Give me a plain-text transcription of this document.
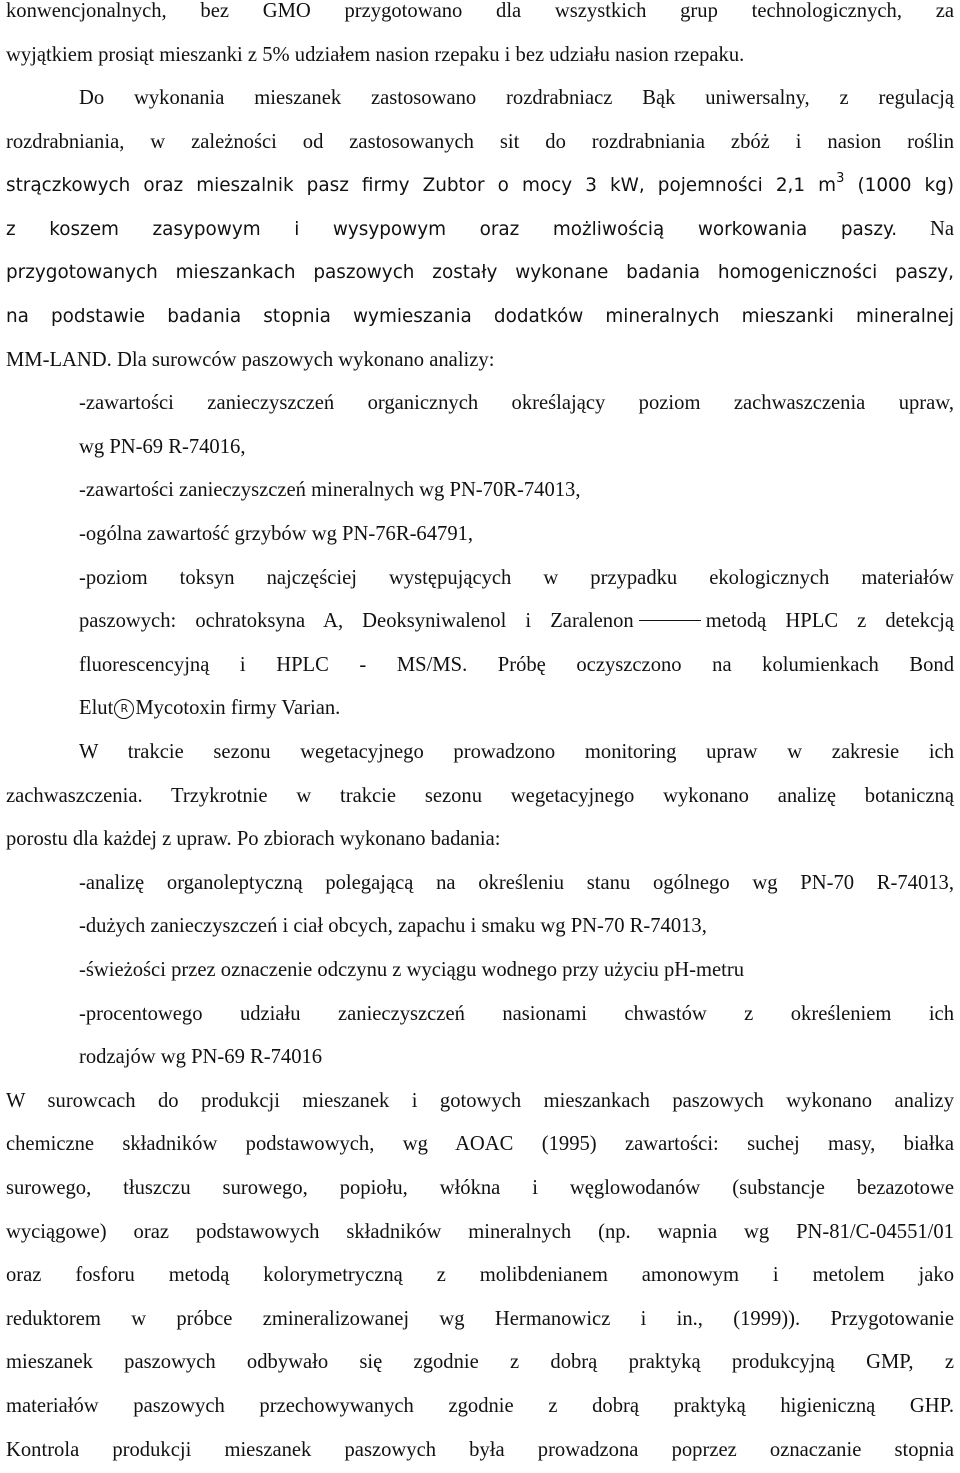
konwencjonalnych, bez GMO przygotowano dla wszystkich grup technologicznych, za
wyjątkiem prosiąt mieszanki z 5% udziałem nasion rzepaku i bez udziału nasion rzepaku.
Do wykonania mieszanek zastosowano rozdrabniacz Bąk uniwersalny, z regulacją
rozdrabniania, w zależności od zastosowanych sit do rozdrabniania zbóż i nasion roślin
strączkowych oraz mieszalnik pasz firmy Zubtor o mocy 3 kW, pojemności 2,1 $m^3$ (1000 kg)
z koszem zasypowym i wysypowym oraz możliwością workowania paszy. Na
przygotowanych mieszankach paszowych zostały wykonane badania homogeniczności paszy,
na podstawie badania stopnia wymieszania dodatków mineralnych mieszanki mineralnej
MM-LAND. Dla surowców paszowych wykonano analizy:
-zawartości zanieczyszczeń organicznych określający poziom zachwaszczenia upraw,
wg PN-69 R-74016,
-zawartości zanieczyszczeń mineralnych wg PN-70R-74013,
-ogólna zawartość grzybów wg PN-76R-64791,
-poziom toksyn najczęściej występujących w przypadku ekologicznych materiałów
paszowych: ochratoksyna A, Deoksyniwalenol i Zaralenon	metodą HPLC z detekcją
fluorescencyjną i HPLC - MS/MS. Próbę oczyszczono na kolumienkach Bond
Elut R Mycotoxin firmy Varian.
W trakcie sezonu wegetacyjnego prowadzono monitoring upraw w zakresie ich
zachwaszczenia. Trzykrotnie w trakcie sezonu wegetacyjnego wykonano analizę botaniczną
porostu dla każdej z upraw. Po zbiorach wykonano badania:
-analizę organoleptyczną polegającą na określeniu stanu ogólnego wg PN-70 R-74013,
-dużych zanieczyszczeń i ciał obcych, zapachu i smaku wg PN-70 R-74013,
-świeżości przez oznaczenie odczynu z wyciągu wodnego przy użyciu pH-metru
-procentowego udziału zanieczyszczeń nasionami chwastów z określeniem ich
rodzajów wg PN-69 R-74016
W surowcach do produkcji mieszanek i gotowych mieszankach paszowych wykonano analizy
chemiczne składników podstawowych, wg AOAC (1995) zawartości: suchej masy, białka
surowego, tłuszczu surowego, popiołu, włókna i węglowodanów (substancje bezazotowe
wyciągowe) oraz podstawowych składników mineralnych (np. wapnia wg PN-81/C-04551/01
oraz fosforu metodą kolorymetryczną z molibdenianem amonowym i metolem jako
reduktorem w próbce zmineralizowanej wg Hermanowicz i in., (1999)). Przygotowanie
mieszanek paszowych odbywało się zgodnie z dobrą praktyką produkcyjną GMP, z
materiałów paszowych przechowywanych zgodnie z dobrą praktyką higieniczną GHP.
Kontrola produkcji mieszanek paszowych była prowadzona poprzez oznaczanie stopnia
